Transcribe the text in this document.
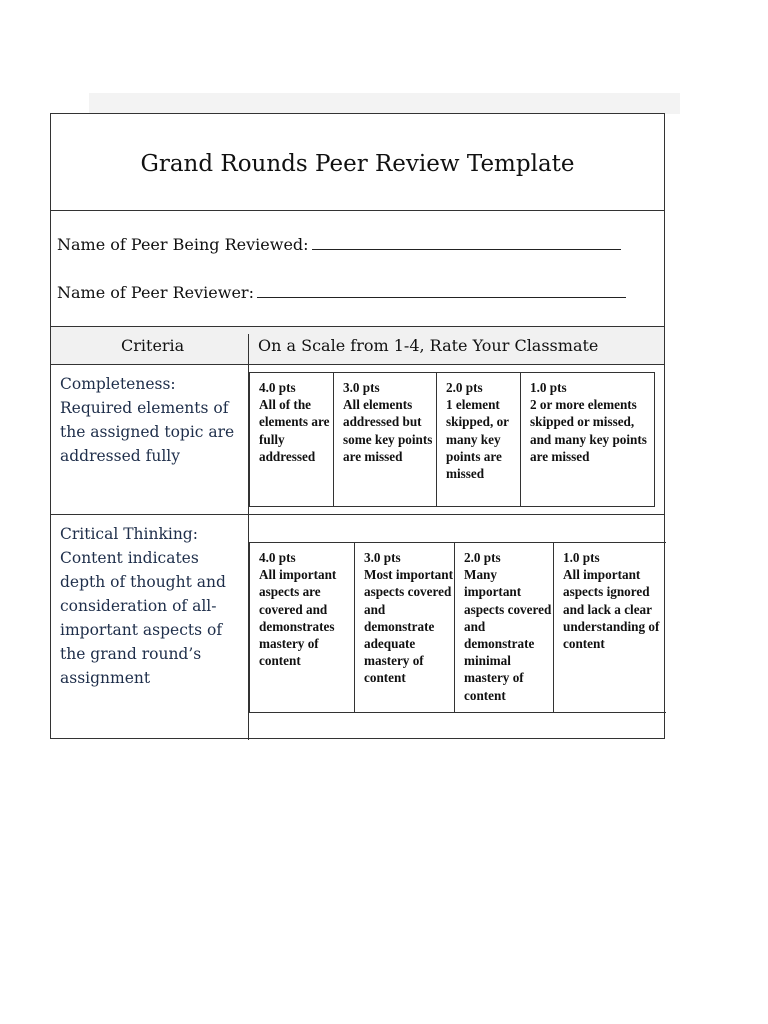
Grand Rounds Peer Review Template
Name of Peer Being Reviewed:
Name of Peer Reviewer:
Criteria	On a Scale from 1-4, Rate Your Classmate
Completeness: Required elements of the assigned topic are addressed fully
4.0 pts
All of the elements are fully addressed
3.0 pts
All elements addressed but some key points are missed
2.0 pts
1 element skipped, or many key points are missed
1.0 pts
2 or more elements skipped or missed, and many key points are missed
Critical Thinking: Content indicates depth of thought and consideration of all-important aspects of the grand round’s assignment
4.0 pts
All important aspects are covered and demonstrates mastery of content
3.0 pts
Most important aspects covered and demonstrate adequate mastery of content
2.0 pts
Many important aspects covered and demonstrate minimal mastery of content
1.0 pts
All important aspects ignored and lack a clear understanding of content
